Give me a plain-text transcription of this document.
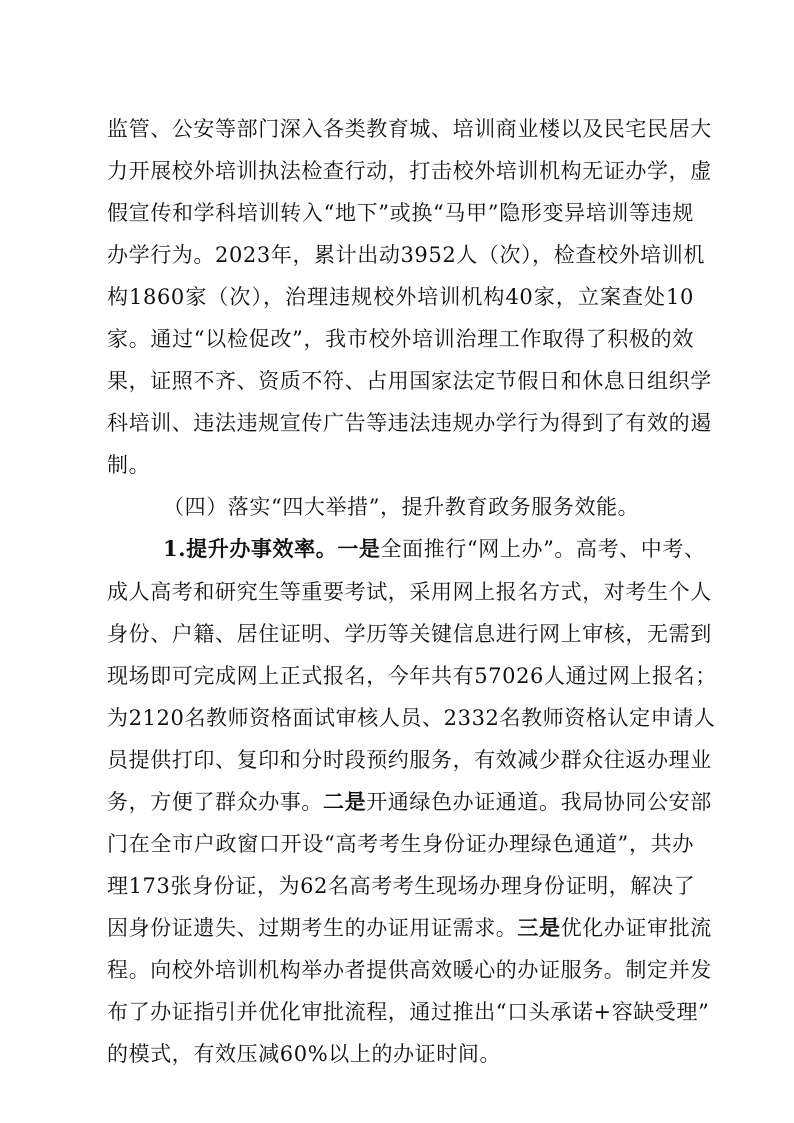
监管、公安等部门深入各类教育城、培训商业楼以及民宅民居大
力开展校外培训执法检查行动，打击校外培训机构无证办学，虚
假宣传和学科培训转入“地下”或换“马甲”隐形变异培训等违规
办学行为。2023年，累计出动3952人（次），检查校外培训机
构1860家（次），治理违规校外培训机构40家，立案查处10
家。通过“以检促改”，我市校外培训治理工作取得了积极的效
果，证照不齐、资质不符、占用国家法定节假日和休息日组织学
科培训、违法违规宣传广告等违法违规办学行为得到了有效的遏
制。
（四）落实“四大举措”，提升教育政务服务效能。
1.提升办事效率。一是全面推行“网上办”。高考、中考、
成人高考和研究生等重要考试，采用网上报名方式，对考生个人
身份、户籍、居住证明、学历等关键信息进行网上审核，无需到
现场即可完成网上正式报名，今年共有57026人通过网上报名；
为2120名教师资格面试审核人员、2332名教师资格认定申请人
员提供打印、复印和分时段预约服务，有效减少群众往返办理业
务，方便了群众办事。二是开通绿色办证通道。我局协同公安部
门在全市户政窗口开设“高考考生身份证办理绿色通道”，共办
理173张身份证，为62名高考考生现场办理身份证明，解决了
因身份证遗失、过期考生的办证用证需求。三是优化办证审批流
程。向校外培训机构举办者提供高效暖心的办证服务。制定并发
布了办证指引并优化审批流程，通过推出“口头承诺+容缺受理”
的模式，有效压减60%以上的办证时间。
